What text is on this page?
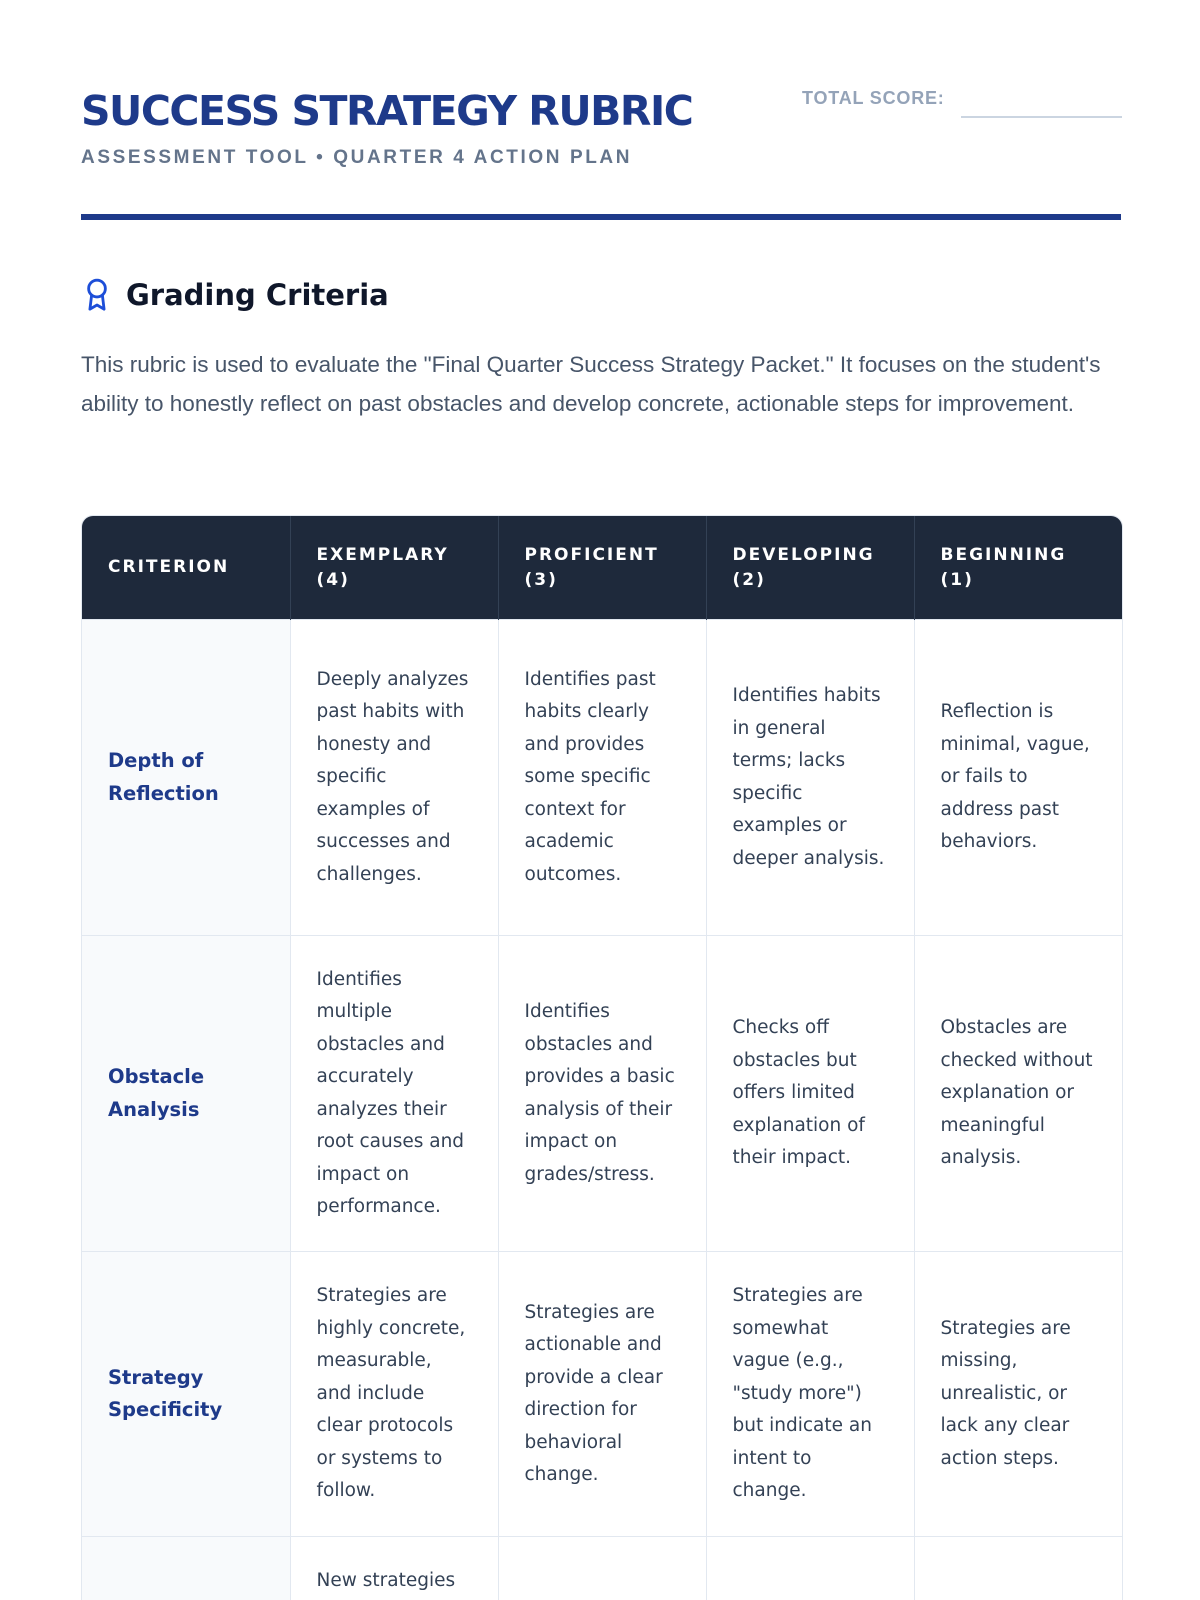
SUCCESS STRATEGY RUBRIC
ASSESSMENT TOOL • QUARTER 4 ACTION PLAN
TOTAL SCORE:
Grading Criteria

This rubric is used to evaluate the "Final Quarter Success Strategy Packet." It focuses on the student's ability to honestly reflect on past obstacles and develop concrete, actionable steps for improvement.

CRITERION	EXEMPLARY (4)	PROFICIENT (3)	DEVELOPING (2)	BEGINNING (1)
Depth of Reflection	Deeply analyzes past habits with honesty and specific examples of successes and challenges.	Identifies past habits clearly and provides some specific context for academic outcomes.	Identifies habits in general terms; lacks specific examples or deeper analysis.	Reflection is minimal, vague, or fails to address past behaviors.
Obstacle Analysis	Identifies multiple obstacles and accurately analyzes their root causes and impact on performance.	Identifies obstacles and provides a basic analysis of their impact on grades/stress.	Checks off obstacles but offers limited explanation of their impact.	Obstacles are checked without explanation or meaningful analysis.
Strategy Specificity	Strategies are highly concrete, measurable, and include clear protocols or systems to follow.	Strategies are actionable and provide a clear direction for behavioral change.	Strategies are somewhat vague (e.g., "study more") but indicate an intent to change.	Strategies are missing, unrealistic, or lack any clear action steps.
	New strategies			
